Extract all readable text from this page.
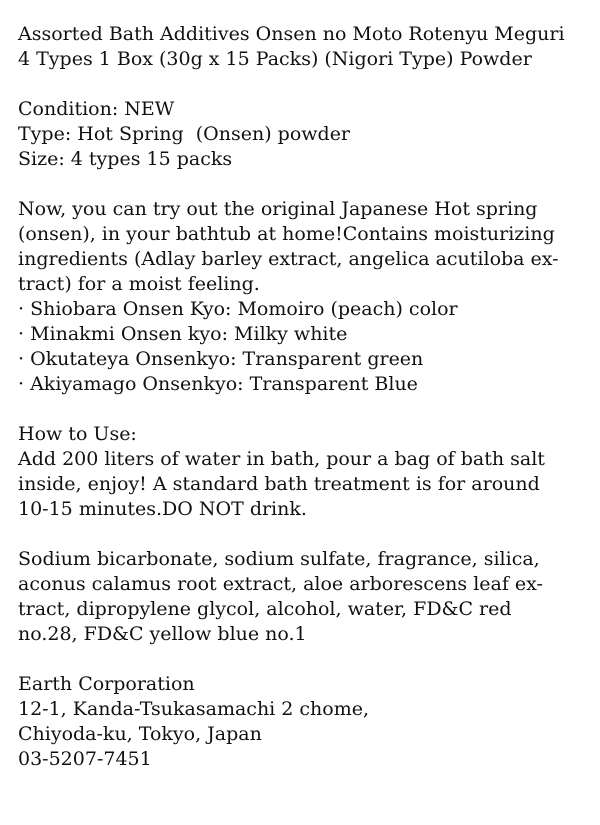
Assorted Bath Additives Onsen no Moto Rotenyu Meguri
4 Types 1 Box (30g x 15 Packs) (Nigori Type) Powder
Condition: NEW
Type: Hot Spring  (Onsen) powder
Size: 4 types 15 packs
Now, you can try out the original Japanese Hot spring
(onsen), in your bathtub at home!Contains moisturizing
ingredients (Adlay barley extract, angelica acutiloba ex-
tract) for a moist feeling.
· Shiobara Onsen Kyo: Momoiro (peach) color
· Minakmi Onsen kyo: Milky white
· Okutateya Onsenkyo: Transparent green
· Akiyamago Onsenkyo: Transparent Blue
How to Use:
Add 200 liters of water in bath, pour a bag of bath salt
inside, enjoy! A standard bath treatment is for around
10-15 minutes.DO NOT drink.
Sodium bicarbonate, sodium sulfate, fragrance, silica,
aconus calamus root extract, aloe arborescens leaf ex-
tract, dipropylene glycol, alcohol, water, FD&C red
no.28, FD&C yellow blue no.1
Earth Corporation
12-1, Kanda-Tsukasamachi 2 chome,
Chiyoda-ku, Tokyo, Japan
03-5207-7451
